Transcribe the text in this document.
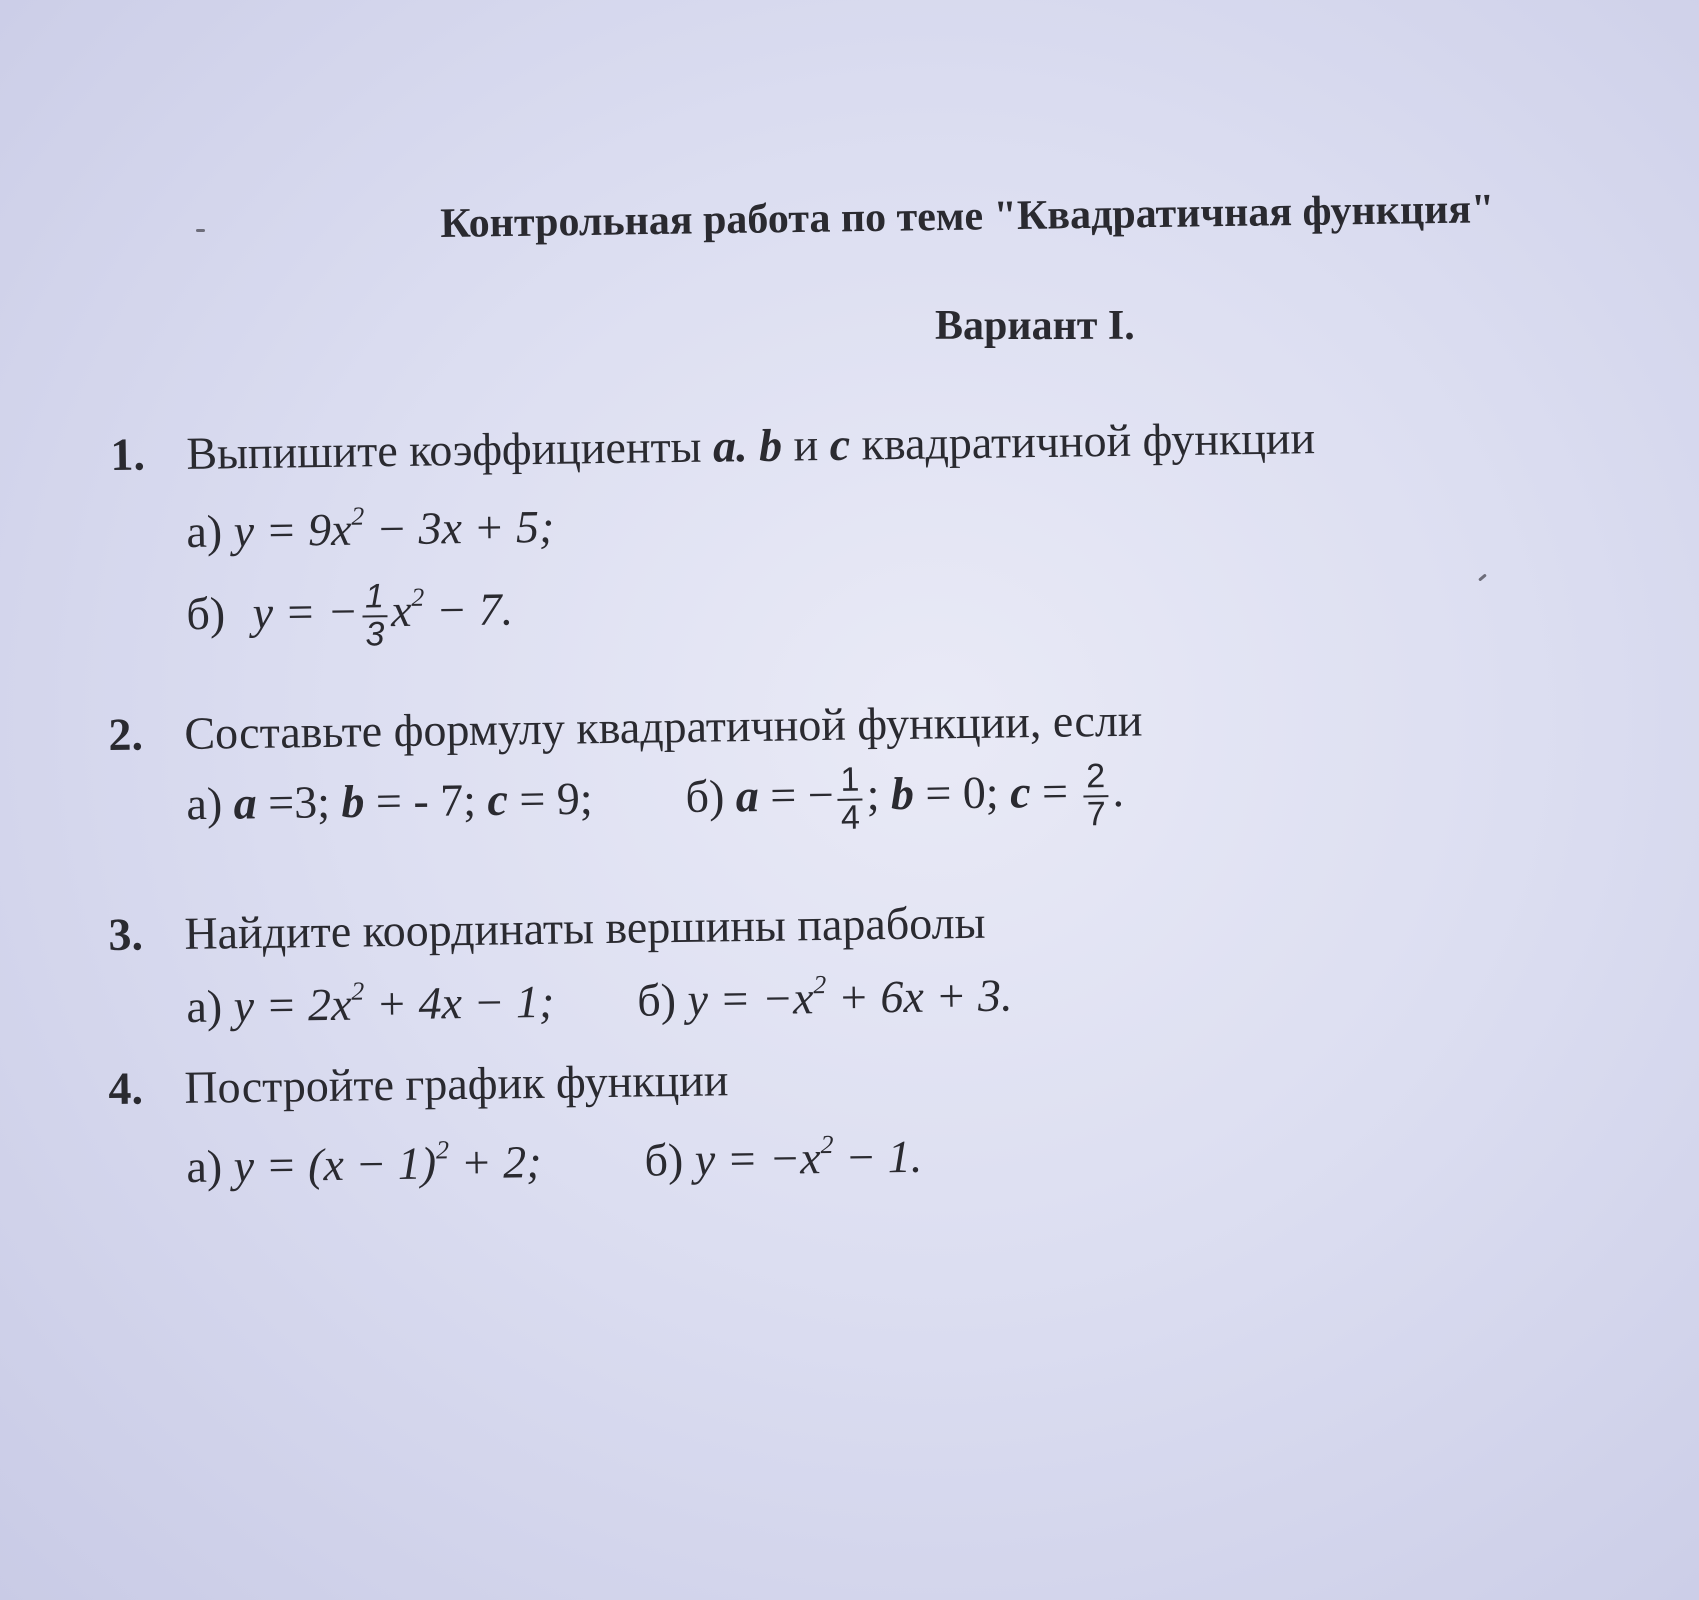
Контрольная работа по теме "Квадратичная функция"
Вариант I.
1. Выпишите коэффициенты a. b и c квадратичной функции
а) $y = 9x^2 - 3x + 5$;
б) y = − $\frac{1}{3} x^2 - 7$.
2. Составьте формулу квадратичной функции, если
а) a =3; b = - 7; c = 9; б) a = − $\frac{1}{4}$ ; b = 0; $c = \frac{2}{7}$ .
3. Найдите координаты вершины параболы
а) $y = 2x^2 + 4x - 1$; б) $y = -x^2 + 6x + 3$.
4. Постройте график функции
а) $y = (x - 1)^2 + 2$; б) $y = -x^2 - 1$.
